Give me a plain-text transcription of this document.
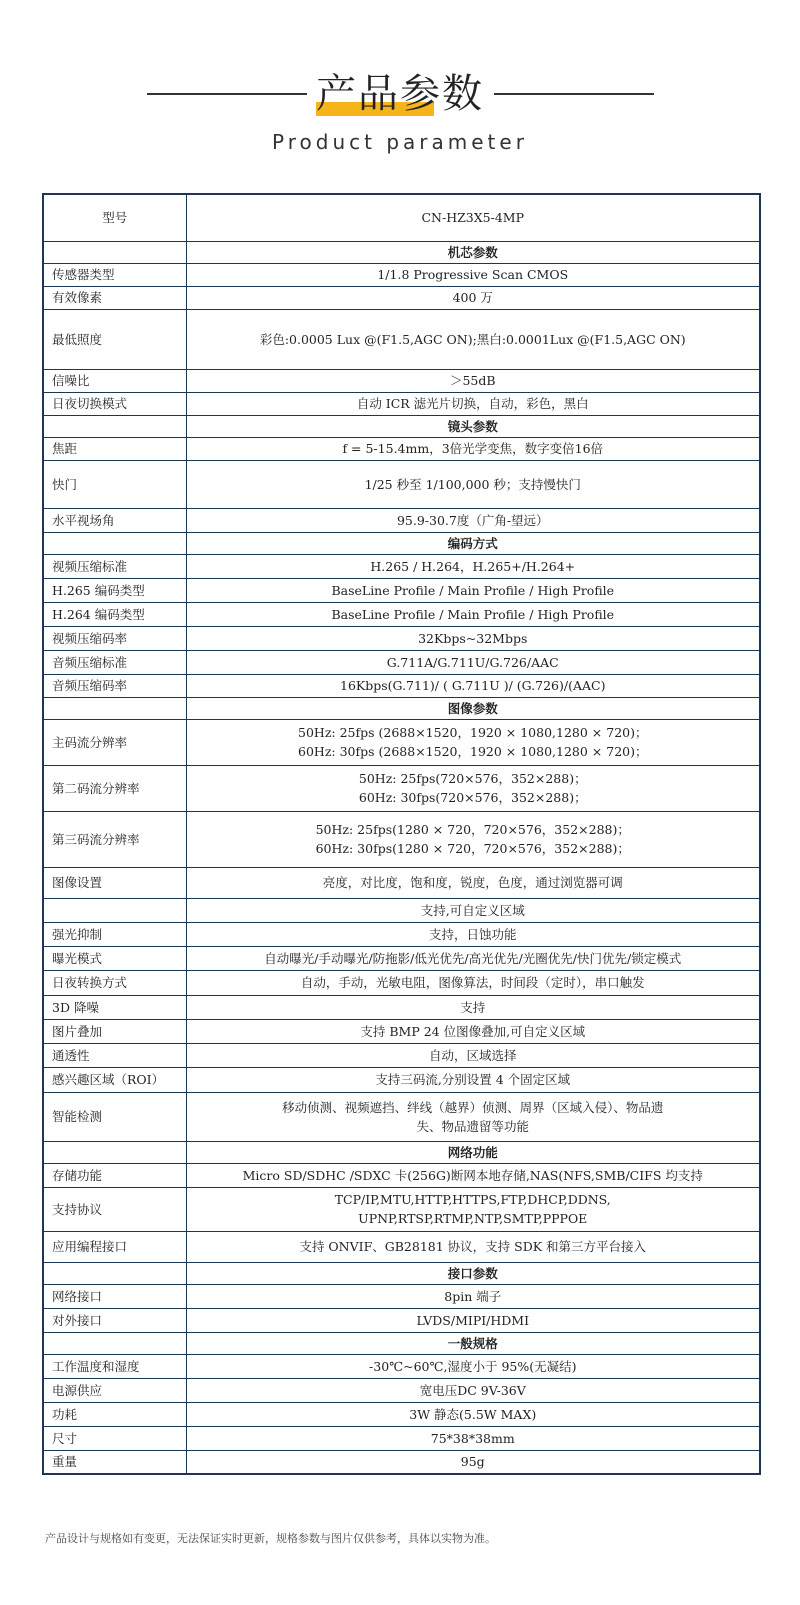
产品参数
Product parameter
型号	CN-HZ3X5-4MP
	机芯参数
传感器类型	1/1.8 Progressive Scan CMOS

有效像素	400 万

最低照度	彩色:0.0005 Lux @(F1.5,AGC ON);黑白:0.0001Lux @(F1.5,AGC ON)

信噪比	＞55dB

日夜切换模式	自动 ICR 滤光片切换，自动，彩色，黑白

	镜头参数
焦距	f = 5-15.4mm，3倍光学变焦，数字变倍16倍

快门	1/25 秒至 1/100,000 秒；支持慢快门

水平视场角	95.9-30.7度（广角-望远）

	编码方式
视频压缩标准	H.265 / H.264，H.265+/H.264+

H.265 编码类型	BaseLine Profile / Main Profile / High Profile

H.264 编码类型	BaseLine Profile / Main Profile / High Profile

视频压缩码率	32Kbps~32Mbps

音频压缩标准	G.711A/G.711U/G.726/AAC

音频压缩码率	16Kbps(G.711)/ ( G.711U )/ (G.726)/(AAC)

	图像参数
主码流分辨率	50Hz: 25fps (2688×1520，1920 × 1080,1280 × 720)；
60Hz: 30fps (2688×1520，1920 × 1080,1280 × 720)；

第二码流分辨率	50Hz: 25fps(720×576，352×288)；
60Hz: 30fps(720×576，352×288)；

第三码流分辨率	50Hz: 25fps(1280 × 720，720×576，352×288)；
60Hz: 30fps(1280 × 720，720×576，352×288)；

图像设置	亮度，对比度，饱和度，锐度，色度，通过浏览器可调

	支持,可自定义区域

强光抑制	支持，日蚀功能

曝光模式	自动曝光/手动曝光/防拖影/低光优先/高光优先/光圈优先/快门优先/锁定模式

日夜转换方式	自动，手动，光敏电阻，图像算法，时间段（定时），串口触发

3D 降噪	支持

图片叠加	支持 BMP 24 位图像叠加,可自定义区域

通透性	自动，区域选择

感兴趣区域（ROI）	支持三码流,分别设置 4 个固定区域

智能检测	移动侦测、视频遮挡、绊线（越界）侦测、周界（区域入侵）、物品遗
失、物品遗留等功能

	网络功能
存储功能	Micro SD/SDHC /SDXC 卡(256G)断网本地存储,NAS(NFS,SMB/CIFS 均支持

支持协议	TCP/IP,MTU,HTTP,HTTPS,FTP,DHCP,DDNS,
UPNP,RTSP,RTMP,NTP,SMTP,PPPOE

应用编程接口	支持 ONVIF、GB28181 协议，支持 SDK 和第三方平台接入

	接口参数
网络接口	8pin 端子

对外接口	LVDS/MIPI/HDMI

	一般规格
工作温度和湿度	-30℃~60℃,湿度小于 95%(无凝结)

电源供应	宽电压DC 9V-36V

功耗	3W 静态(5.5W MAX)

尺寸	75*38*38mm

重量	95g
产品设计与规格如有变更，无法保证实时更新，规格参数与图片仅供参考，具体以实物为准。
